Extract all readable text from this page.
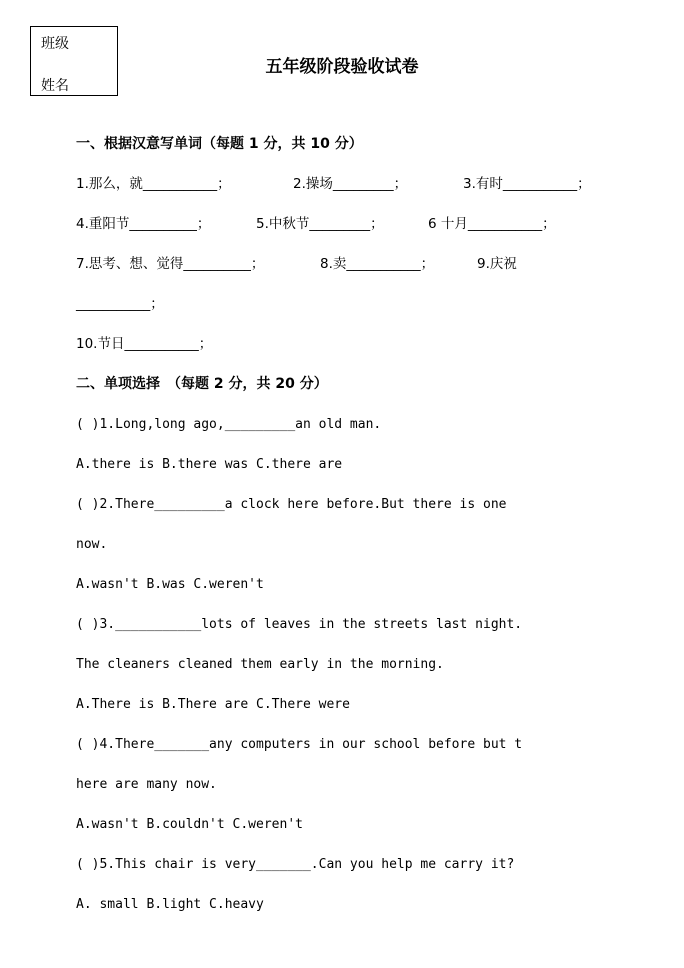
班级
姓名
五年级阶段验收试卷
一、根据汉意写单词（每题 1 分，共 10 分）
1.那么，就___________；	2.操场_________；	3.有时___________；
4.重阳节__________；	5.中秋节_________；	6 十月___________；
7.思考、想、觉得__________；	8.卖___________；	9.庆祝
___________；
10.节日___________；
二、单项选择　（每题 2 分，共 20 分）
( )1.Long,long ago,_________an old man.
A.there is B.there was C.there are
( )2.There_________a clock here before.But there is one
now.
A.wasn't B.was C.weren't
( )3.___________lots of leaves in the streets last night.
The cleaners cleaned them early in the morning.
A.There is B.There are C.There were
( )4.There_______any computers in our school before but t
here are many now.
A.wasn't B.couldn't C.weren't
( )5.This chair is very_______.Can you help me carry it?
A. small B.light C.heavy
